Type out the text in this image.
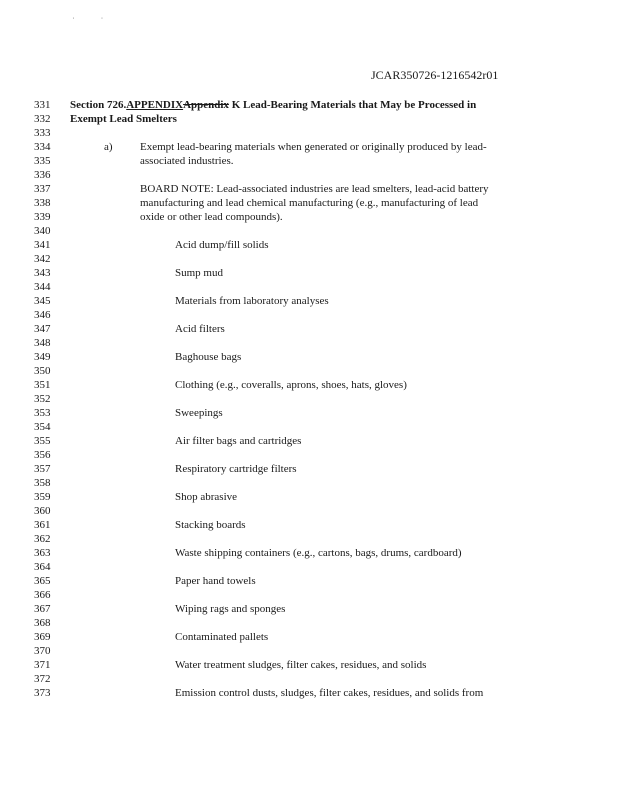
˙ ˙
JCAR350726-1216542r01
331
332
333
334
335
336
337
338
339
340
341
342
343
344
345
346
347
348
349
350
351
352
353
354
355
356
357
358
359
360
361
362
363
364
365
366
367
368
369
370
371
372
373
Section 726.APPENDIXAppendix K Lead-Bearing Materials that May be Processed in
Exempt Lead Smelters
a) Exempt lead-bearing materials when generated or originally produced by lead-
associated industries.
BOARD NOTE: Lead-associated industries are lead smelters, lead-acid battery
manufacturing and lead chemical manufacturing (e.g., manufacturing of lead
oxide or other lead compounds).
Acid dump/fill solids
Sump mud
Materials from laboratory analyses
Acid filters
Baghouse bags
Clothing (e.g., coveralls, aprons, shoes, hats, gloves)
Sweepings
Air filter bags and cartridges
Respiratory cartridge filters
Shop abrasive
Stacking boards
Waste shipping containers (e.g., cartons, bags, drums, cardboard)
Paper hand towels
Wiping rags and sponges
Contaminated pallets
Water treatment sludges, filter cakes, residues, and solids
Emission control dusts, sludges, filter cakes, residues, and solids from
